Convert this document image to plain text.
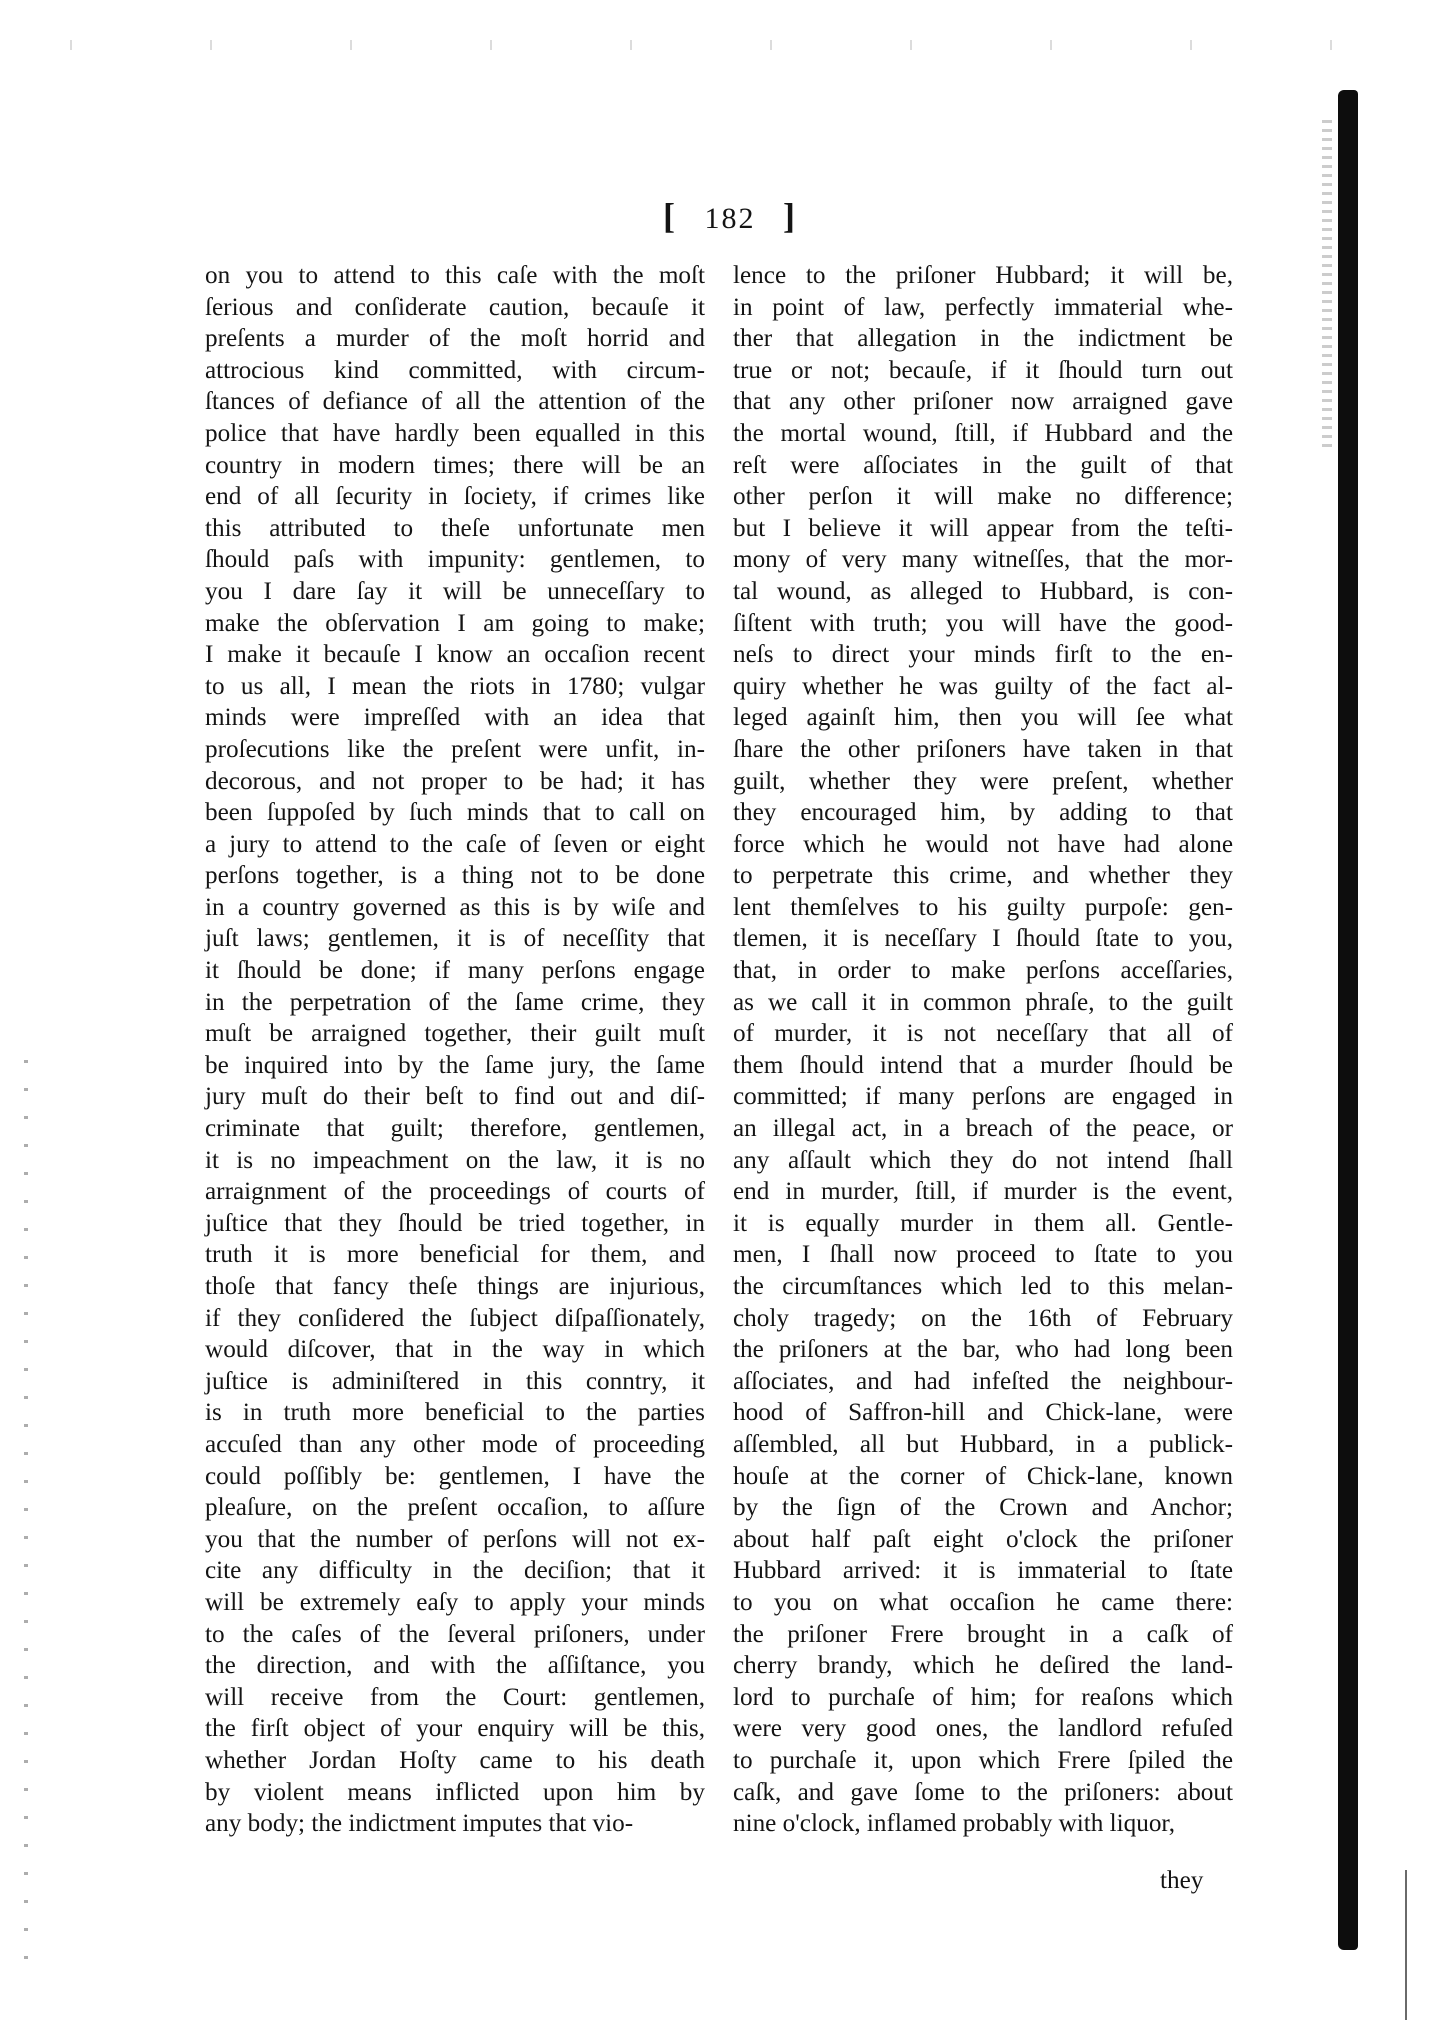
[ 182 ]
on you to attend to this caſe with the moſt
ſerious and conſiderate caution, becauſe it
preſents a murder of the moſt horrid and
attrocious kind committed, with circum-
ſtances of defiance of all the attention of the
police that have hardly been equalled in this
country in modern times; there will be an
end of all ſecurity in ſociety, if crimes like
this attributed to theſe unfortunate men
ſhould paſs with impunity: gentlemen, to
you I dare ſay it will be unneceſſary to
make the obſervation I am going to make;
I make it becauſe I know an occaſion recent
to us all, I mean the riots in 1780; vulgar
minds were impreſſed with an idea that
proſecutions like the preſent were unfit, in-
decorous, and not proper to be had; it has
been ſuppoſed by ſuch minds that to call on
a jury to attend to the caſe of ſeven or eight
perſons together, is a thing not to be done
in a country governed as this is by wiſe and
juſt laws; gentlemen, it is of neceſſity that
it ſhould be done; if many perſons engage
in the perpetration of the ſame crime, they
muſt be arraigned together, their guilt muſt
be inquired into by the ſame jury, the ſame
jury muſt do their beſt to find out and diſ-
criminate that guilt; therefore, gentlemen,
it is no impeachment on the law, it is no
arraignment of the proceedings of courts of
juſtice that they ſhould be tried together, in
truth it is more beneficial for them, and
thoſe that fancy theſe things are injurious,
if they conſidered the ſubject diſpaſſionately,
would diſcover, that in the way in which
juſtice is adminiſtered in this conntry, it
is in truth more beneficial to the parties
accuſed than any other mode of proceeding
could poſſibly be: gentlemen, I have the
pleaſure, on the preſent occaſion, to aſſure
you that the number of perſons will not ex-
cite any difficulty in the deciſion; that it
will be extremely eaſy to apply your minds
to the caſes of the ſeveral priſoners, under
the direction, and with the aſſiſtance, you
will receive from the Court: gentlemen,
the firſt object of your enquiry will be this,
whether Jordan Hoſty came to his death
by violent means inflicted upon him by
any body; the indictment imputes that vio-
lence to the priſoner Hubbard; it will be,
in point of law, perfectly immaterial whe-
ther that allegation in the indictment be
true or not; becauſe, if it ſhould turn out
that any other priſoner now arraigned gave
the mortal wound, ſtill, if Hubbard and the
reſt were aſſociates in the guilt of that
other perſon it will make no difference;
but I believe it will appear from the teſti-
mony of very many witneſſes, that the mor-
tal wound, as alleged to Hubbard, is con-
ſiſtent with truth; you will have the good-
neſs to direct your minds firſt to the en-
quiry whether he was guilty of the fact al-
leged againſt him, then you will ſee what
ſhare the other priſoners have taken in that
guilt, whether they were preſent, whether
they encouraged him, by adding to that
force which he would not have had alone
to perpetrate this crime, and whether they
lent themſelves to his guilty purpoſe: gen-
tlemen, it is neceſſary I ſhould ſtate to you,
that, in order to make perſons acceſſaries,
as we call it in common phraſe, to the guilt
of murder, it is not neceſſary that all of
them ſhould intend that a murder ſhould be
committed; if many perſons are engaged in
an illegal act, in a breach of the peace, or
any aſſault which they do not intend ſhall
end in murder, ſtill, if murder is the event,
it is equally murder in them all. Gentle-
men, I ſhall now proceed to ſtate to you
the circumſtances which led to this melan-
choly tragedy; on the 16th of February
the priſoners at the bar, who had long been
aſſociates, and had infeſted the neighbour-
hood of Saffron-hill and Chick-lane, were
aſſembled, all but Hubbard, in a publick-
houſe at the corner of Chick-lane, known
by the ſign of the Crown and Anchor;
about half paſt eight o'clock the priſoner
Hubbard arrived: it is immaterial to ſtate
to you on what occaſion he came there:
the priſoner Frere brought in a caſk of
cherry brandy, which he deſired the land-
lord to purchaſe of him; for reaſons which
were very good ones, the landlord refuſed
to purchaſe it, upon which Frere ſpiled the
caſk, and gave ſome to the priſoners: about
nine o'clock, inflamed probably with liquor,
they
